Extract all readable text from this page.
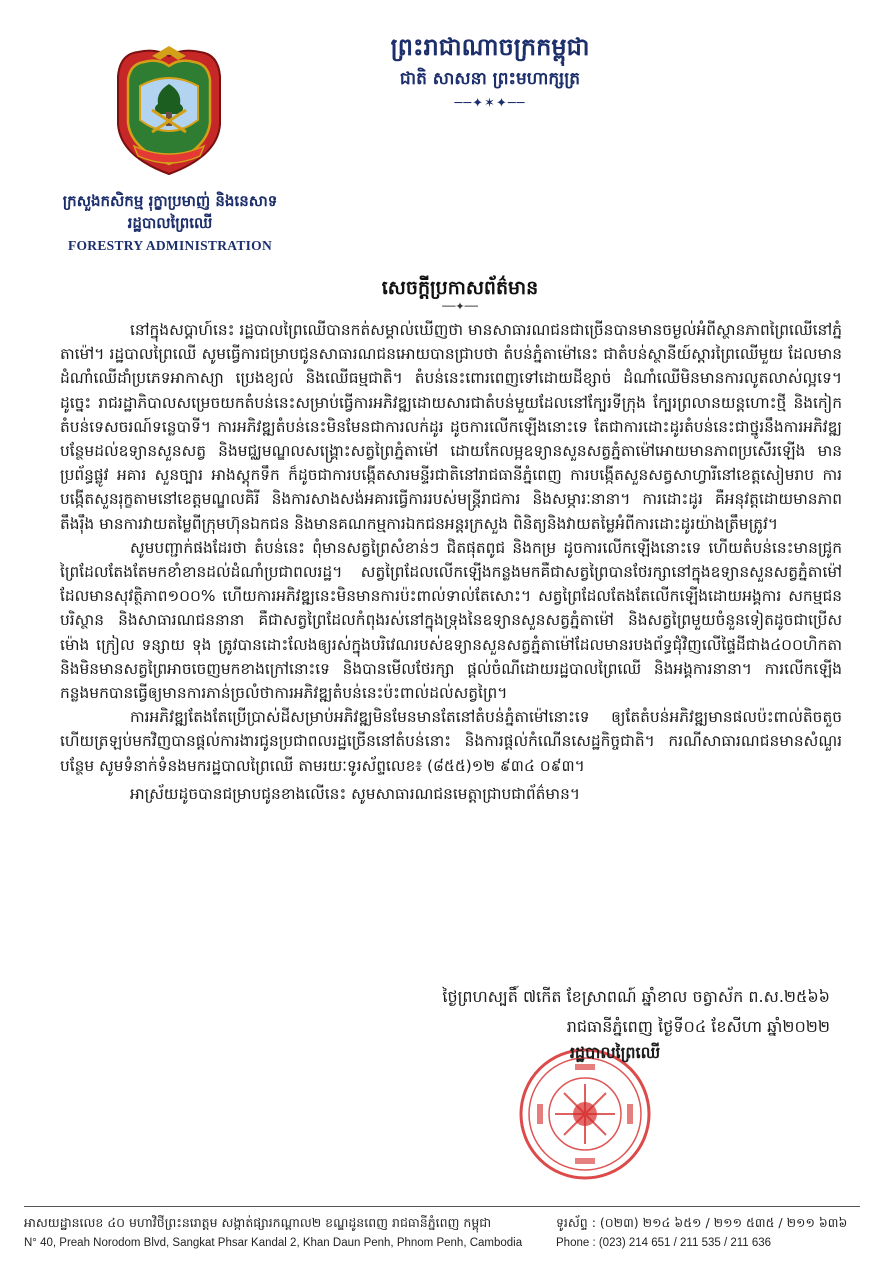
ព្រះរាជាណាចក្រកម្ពុជា
ជាតិ សាសនា ព្រះមហាក្សត្រ
──✦✶✦──
ក្រសួងកសិកម្ម រុក្ខាប្រមាញ់ និងនេសាទ
រដ្ឋបាលព្រៃឈើ
FORESTRY ADMINISTRATION
សេចក្តីប្រកាសព័ត៌មាន
──✦──

នៅក្នុងសប្តាហ៍នេះ រដ្ឋបាលព្រៃឈើបានកត់សម្គាល់ឃើញថា មានសាធារណជនជាច្រើនបានមានចម្ងល់អំពីស្ថានភាពព្រៃឈើនៅភ្នំតាម៉ៅ។ រដ្ឋបាលព្រៃឈើ សូមធ្វើការជម្រាបជូនសាធារណជនអោយបានជ្រាបថា តំបន់ភ្នំតាម៉ៅនេះ ជាតំបន់ស្ថានីយ៍ស្តារព្រៃឈើមួយ ដែលមានដំណាំឈើដាំប្រភេទអាកាស្យា ប្រេងខ្យល់ និងឈើធម្មជាតិ។ តំបន់នេះពោរពេញទៅដោយដីខ្សាច់ ដំណាំឈើមិនមានការលូតលាស់ល្អទេ។ ដូច្នេះ រាជរដ្ឋាភិបាលសម្រេចយកតំបន់នេះសម្រាប់ធ្វើការអភិវឌ្ឍដោយសារជាតំបន់មួយដែលនៅក្បែរទីក្រុង ក្បែរព្រលានយន្តហោះថ្មី និងកៀកតំបន់ទេសចរណ៍ទន្លេបាទី។ ការអភិវឌ្ឍតំបន់នេះមិនមែនជាការលក់ដូរ ដូចការលើកឡើងនោះទេ តែជាការដោះដូរតំបន់នេះជាថ្នូរនឹងការអភិវឌ្ឍបន្ថែមដល់ឧទ្យានសួនសត្វ និងមជ្ឈមណ្ឌលសង្គ្រោះសត្វព្រៃភ្នំតាម៉ៅ ដោយកែលម្អឧទ្យានសួនសត្វភ្នំតាម៉ៅអោយមានភាពប្រសើរឡើង មានប្រព័ន្ធផ្លូវ អគារ សួនច្បារ អាងស្តុកទឹក ក៏ដូចជាការបង្កើតសារមន្ទីរជាតិនៅរាជធានីភ្នំពេញ ការបង្កើតសួនសត្វសាហ្វារីនៅខេត្តសៀមរាប ការបង្កើតសួនរុក្ខតាមនៅខេត្តមណ្ឌលគិរី និងការសាងសង់អគារធ្វើការរបស់មន្ត្រីរាជការ និងសម្ភារៈនានា។ ការដោះដូរ គឺអនុវត្តដោយមានភាពតឹងរ៉ឹង មានការវាយតម្លៃពីក្រុមហ៊ុនឯកជន និងមានគណកម្មការឯកជនអន្តរក្រសួង ពិនិត្យនិងវាយតម្លៃអំពីការដោះដូរយ៉ាងត្រឹមត្រូវ។

សូមបញ្ជាក់ផងដែរថា តំបន់នេះ ពុំមានសត្វព្រៃសំខាន់ៗ ជិតផុតពូជ និងកម្រ ដូចការលើកឡើងនោះទេ ហើយតំបន់នេះមានជ្រូកព្រៃដែលតែងតែមកខាំខានដល់ដំណាំប្រជាពលរដ្ឋ។ សត្វព្រៃដែលលើកឡើងកន្លងមកគឺជាសត្វព្រៃបានថែរក្សានៅក្នុងឧទ្យានសួនសត្វភ្នំតាម៉ៅដែលមានសុវត្ថិភាព១០០% ហើយការអភិវឌ្ឍនេះមិនមានការប៉ះពាល់ទាល់តែសោះ។ សត្វព្រៃដែលតែងតែលើកឡើងដោយអង្គការ សកម្មជនបរិស្ថាន និងសាធារណជននានា គឺជាសត្វព្រៃដែលកំពុងរស់នៅក្នុងទ្រុងនៃឧទ្យានសួនសត្វភ្នំតាម៉ៅ និងសត្វព្រៃមួយចំនួនទៀតដូចជាប្រើស ម៉ោង ក្រៀល ទន្សាយ ទុង ត្រូវបានដោះលែងឲ្យរស់ក្នុងបរិវេណរបស់ឧទ្យានសួនសត្វភ្នំតាម៉ៅដែលមានរបងព័ទ្ធជុំវិញលើផ្ទៃដីជាង៤០០ហិកតា និងមិនមានសត្វព្រៃអាចចេញមកខាងក្រៅនោះទេ និងបានមើលថែរក្សា ផ្តល់ចំណីដោយរដ្ឋបាលព្រៃឈើ និងអង្គការនានា។ ការលើកឡើងកន្លងមកបានធ្វើឲ្យមានការភាន់ច្រលំថាការអភិវឌ្ឍតំបន់នេះប៉ះពាល់ដល់សត្វព្រៃ។

ការអភិវឌ្ឍតែងតែប្រើប្រាស់ដីសម្រាប់អភិវឌ្ឍមិនមែនមានតែនៅតំបន់ភ្នំតាម៉ៅនោះទេ ឲ្យតែតំបន់អភិវឌ្ឍមានផលប៉ះពាល់តិចតួច ហើយត្រឡប់មកវិញបានផ្តល់ការងារជូនប្រជាពលរដ្ឋច្រើននៅតំបន់នោះ និងការផ្តល់កំណើនសេដ្ឋកិច្ចជាតិ។ ករណីសាធារណជនមានសំណួរបន្ថែម សូមទំនាក់ទំនងមករដ្ឋបាលព្រៃឈើ តាមរយៈទូរស័ព្ទលេខ៖ (៨៥៥)១២ ៩៣៤ ០៩៣។

អាស្រ័យដូចបានជម្រាបជូនខាងលើនេះ សូមសាធារណជនមេត្តាជ្រាបជាព័ត៌មាន។

ថ្ងៃព្រហស្បតិ៍ ៧កើត ខែស្រាពណ៍ ឆ្នាំខាល ចត្វាស័ក ព.ស.២៥៦៦
រាជធានីភ្នំពេញ ថ្ងៃទី០៤ ខែសីហា ឆ្នាំ២០២២
រដ្ឋបាលព្រៃឈើ
អាសយដ្ឋានលេខ ៤០ មហាវិថីព្រះនរោត្តម សង្កាត់ផ្សារកណ្តាល២ ខណ្ឌដូនពេញ រាជធានីភ្នំពេញ កម្ពុជា
N° 40, Preah Norodom Blvd, Sangkat Phsar Kandal 2, Khan Daun Penh, Phnom Penh, Cambodia
ទូរស័ព្ទ : (០២៣) ២១៤ ៦៥១ / ២១១ ៥៣៥ / ២១១ ៦៣៦
Phone : (023) 214 651 / 211 535 / 211 636
